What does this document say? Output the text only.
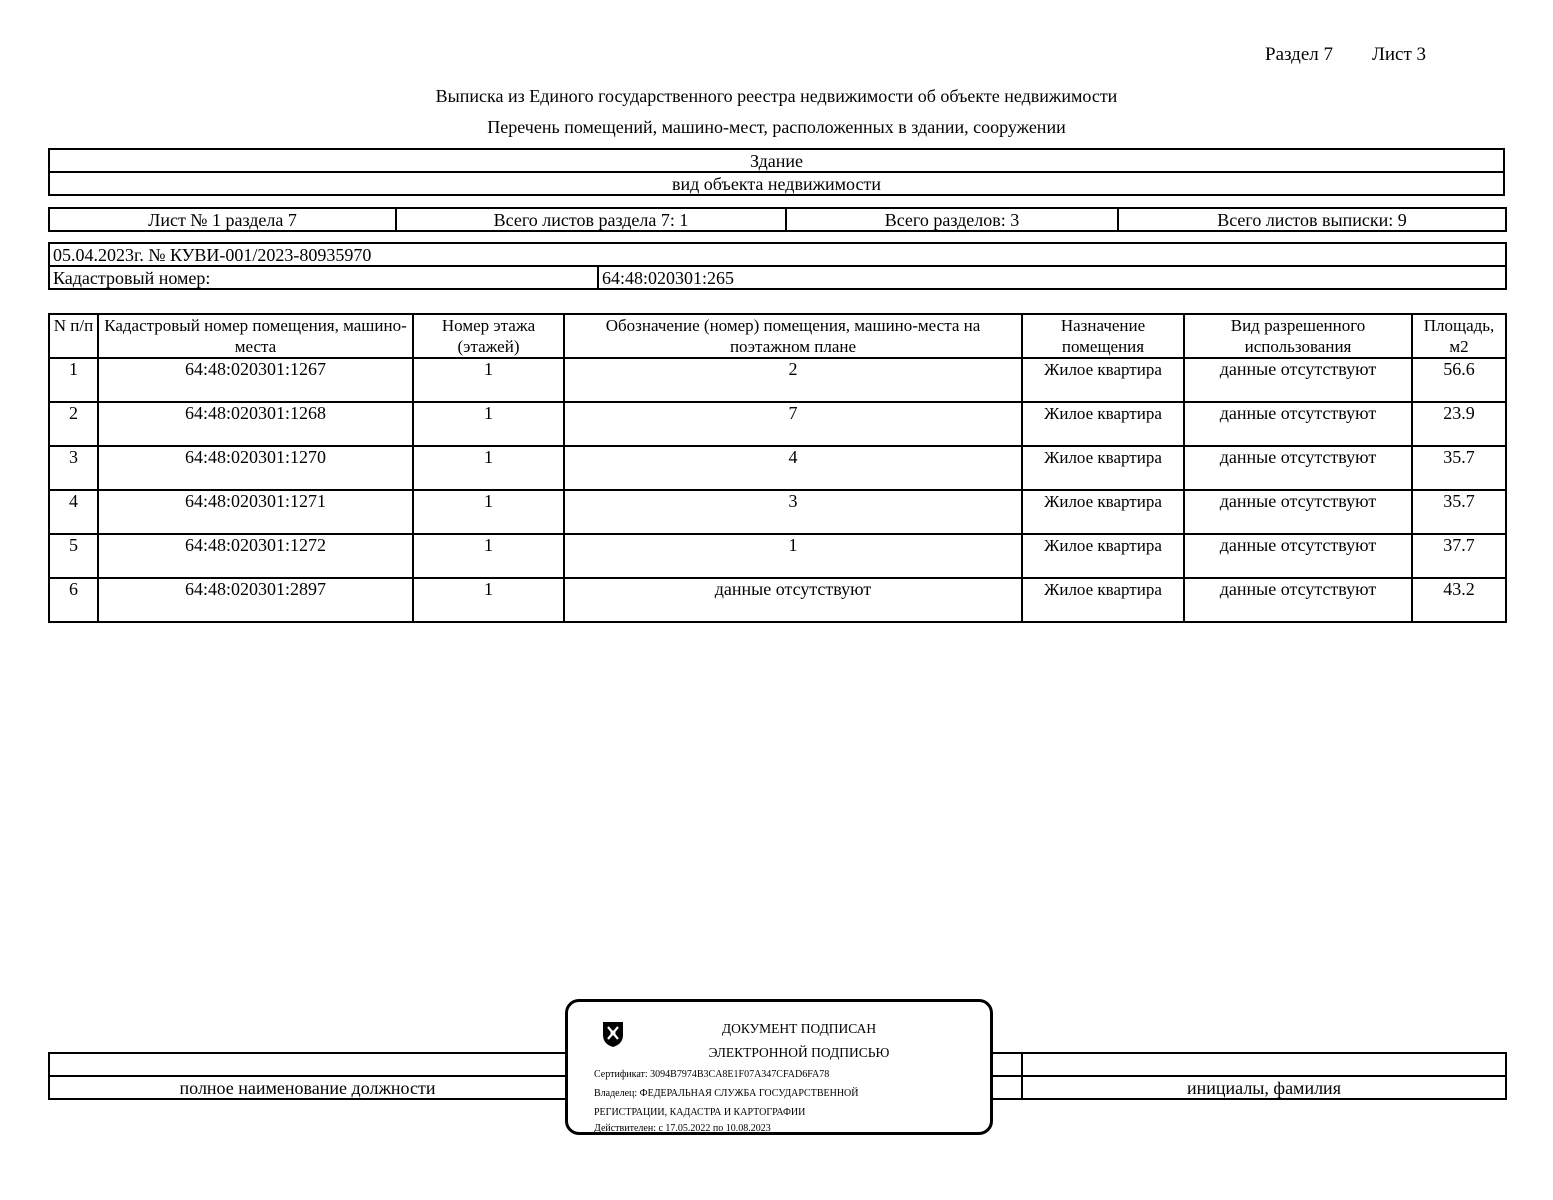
Раздел 7 Лист 3
Выписка из Единого государственного реестра недвижимости об объекте недвижимости
Перечень помещений, машино-мест, расположенных в здании, сооружении
Здание
вид объекта недвижимости
Лист № 1 раздела 7	Всего листов раздела 7: 1	Всего разделов: 3	Всего листов выписки: 9
05.04.2023г. № КУВИ-001/2023-80935970
Кадастровый номер:	64:48:020301:265
N п/п	Кадастровый номер помещения, машино-места	Номер этажа (этажей)	Обозначение (номер) помещения, машино-места на поэтажном плане	Назначение помещения	Вид разрешенного использования	Площадь, м2
1	64:48:020301:1267	1	2	Жилое квартира	данные отсутствуют	56.6
2	64:48:020301:1268	1	7	Жилое квартира	данные отсутствуют	23.9
3	64:48:020301:1270	1	4	Жилое квартира	данные отсутствуют	35.7
4	64:48:020301:1271	1	3	Жилое квартира	данные отсутствуют	35.7
5	64:48:020301:1272	1	1	Жилое квартира	данные отсутствуют	37.7
6	64:48:020301:2897	1	данные отсутствуют	Жилое квартира	данные отсутствуют	43.2

полное наименование должности		инициалы, фамилия
ДОКУМЕНТ ПОДПИСАН
ЭЛЕКТРОННОЙ ПОДПИСЬЮ
Сертификат: 3094B7974B3CA8E1F07A347CFAD6FA78
Владелец: ФЕДЕРАЛЬНАЯ СЛУЖБА ГОСУДАРСТВЕННОЙ
РЕГИСТРАЦИИ, КАДАСТРА И КАРТОГРАФИИ
Действителен: с 17.05.2022 по 10.08.2023
